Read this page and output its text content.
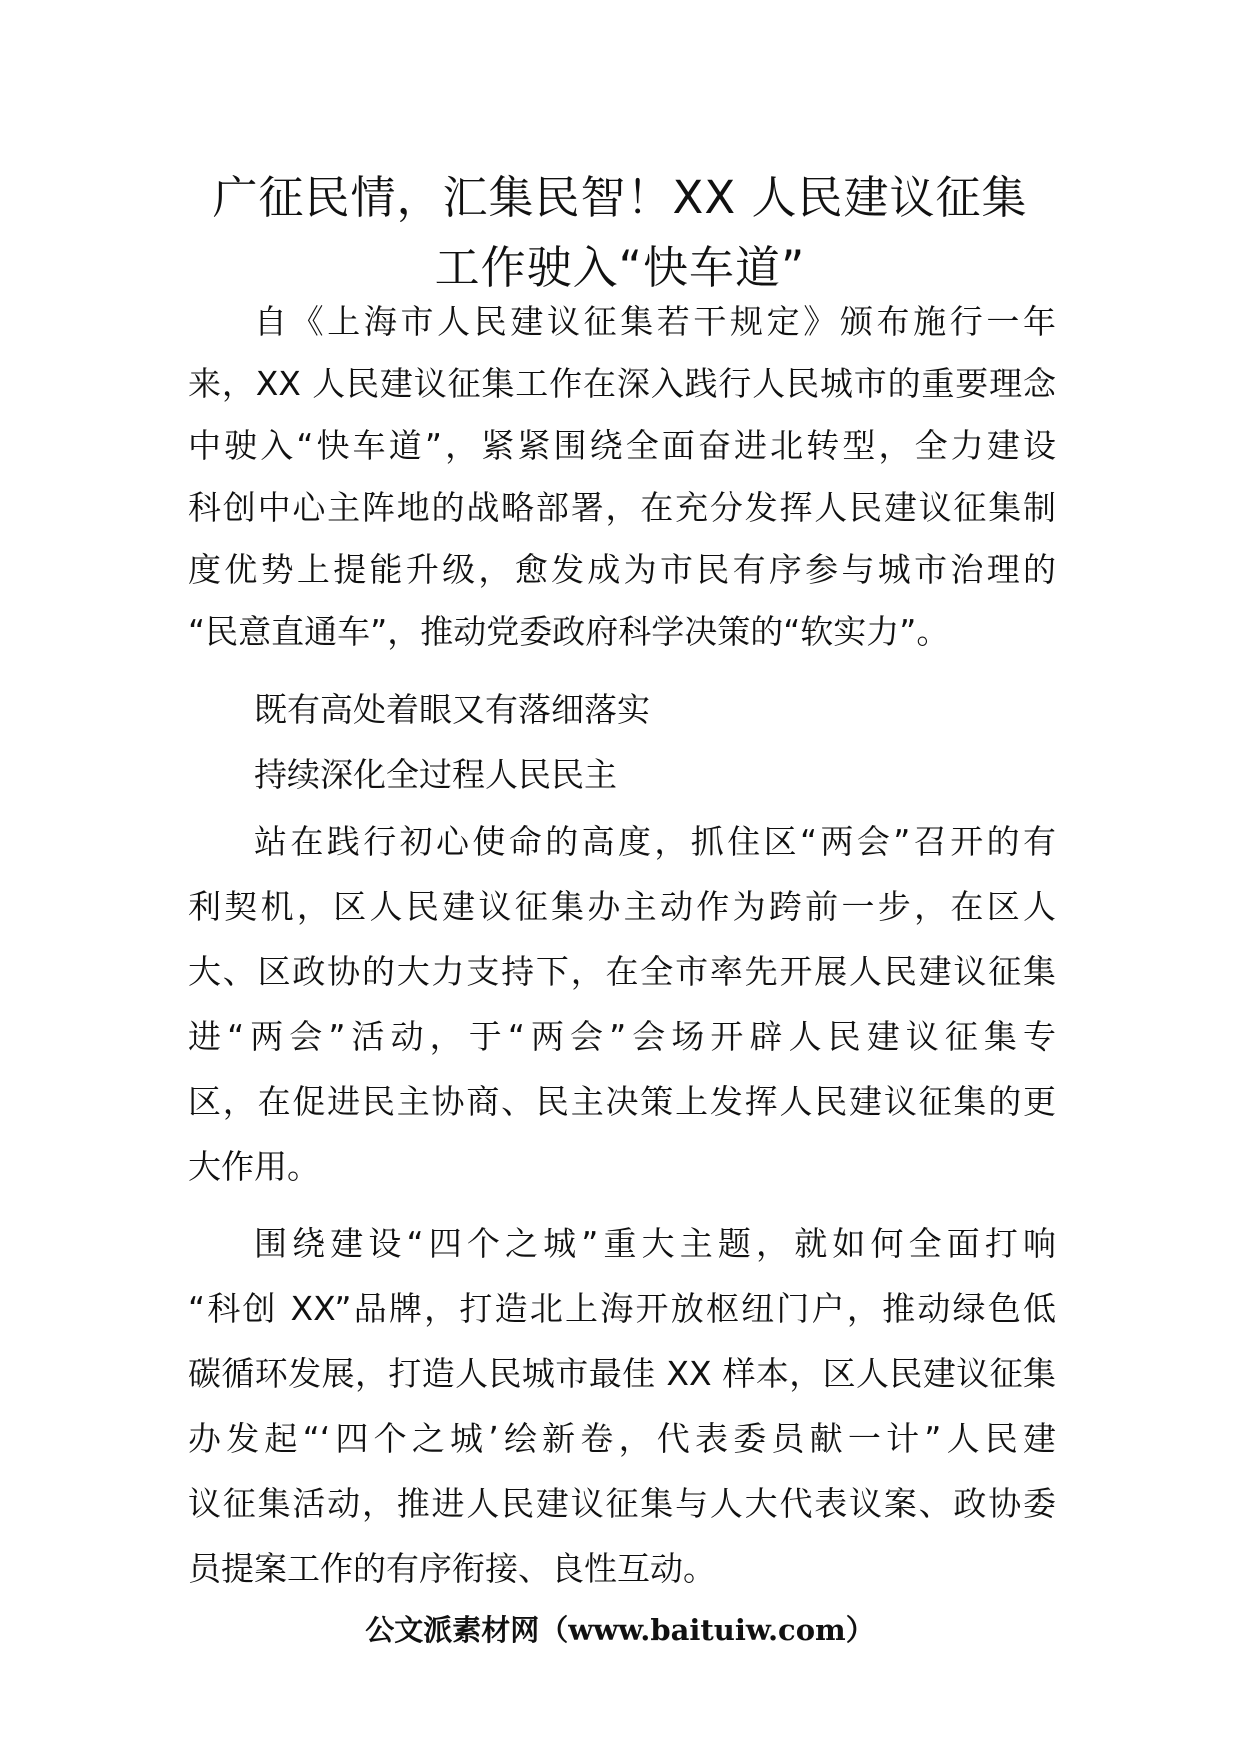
广征民情，汇集民智！XX 人民建议征集
工作驶入“快车道”
自《上海市人民建议征集若干规定》颁布施行一年
来，XX 人民建议征集工作在深入践行人民城市的重要理念
中驶入“快车道”，紧紧围绕全面奋进北转型，全力建设
科创中心主阵地的战略部署，在充分发挥人民建议征集制
度优势上提能升级，愈发成为市民有序参与城市治理的
“民意直通车”，推动党委政府科学决策的“软实力”。
既有高处着眼又有落细落实
持续深化全过程人民民主
站在践行初心使命的高度，抓住区“两会”召开的有
利契机，区人民建议征集办主动作为跨前一步，在区人
大、区政协的大力支持下，在全市率先开展人民建议征集
进“两会”活动，于“两会”会场开辟人民建议征集专
区，在促进民主协商、民主决策上发挥人民建议征集的更
大作用。
围绕建设“四个之城”重大主题，就如何全面打响
“科创 XX”品牌，打造北上海开放枢纽门户，推动绿色低
碳循环发展，打造人民城市最佳 XX 样本，区人民建议征集
办发起“‘四个之城’绘新卷，代表委员献一计”人民建
议征集活动，推进人民建议征集与人大代表议案、政协委
员提案工作的有序衔接、良性互动。
公文派素材网（www.baituiw.com）
